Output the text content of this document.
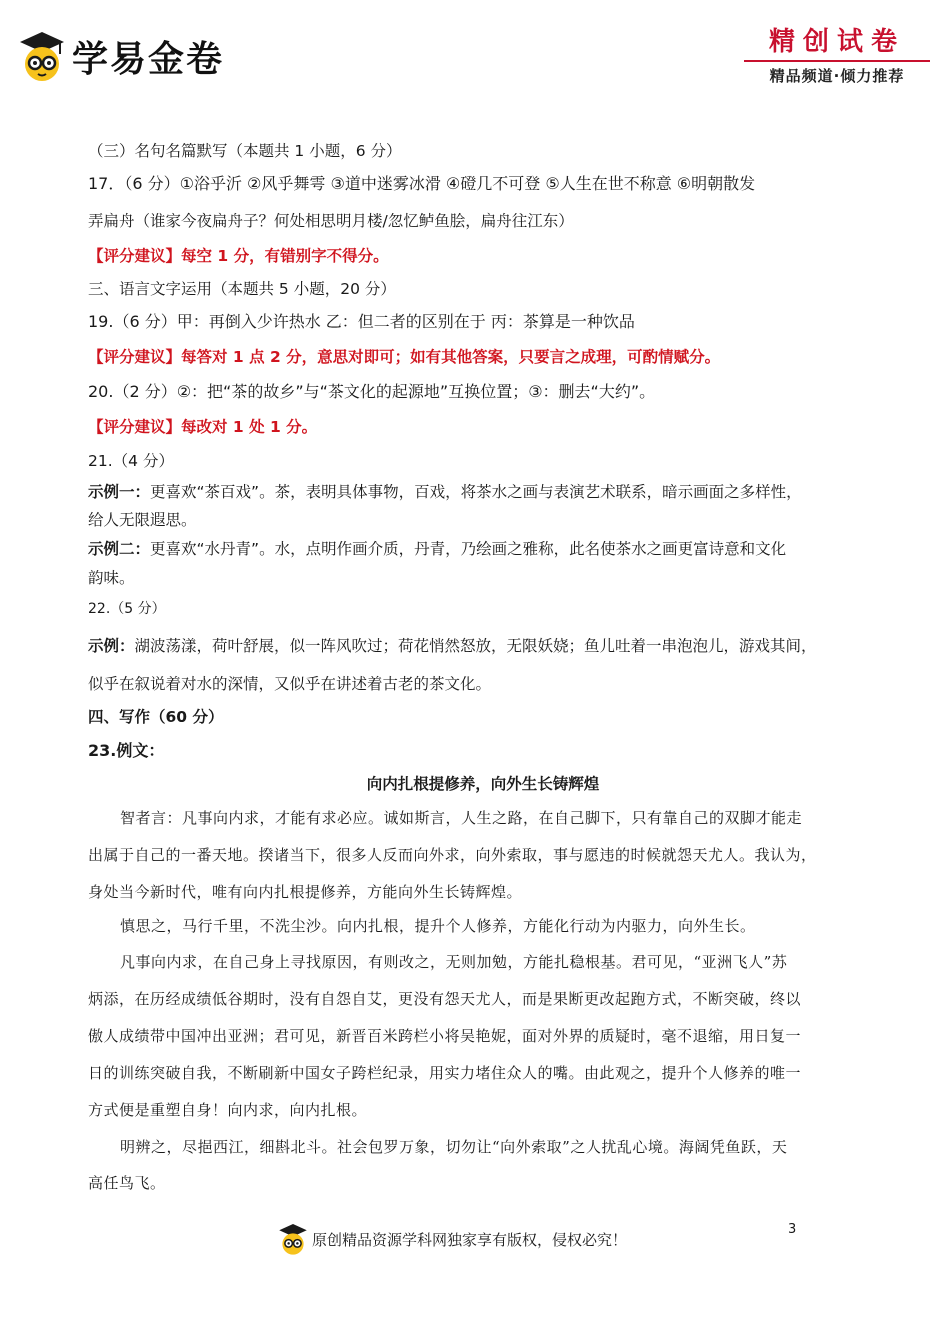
学易金卷	精创试卷
精品频道·倾力推荐
（三）名句名篇默写（本题共 1 小题，6 分）
17．（6 分）①浴乎沂 ②风乎舞雩 ③道中迷雾冰滑 ④磴几不可登 ⑤人生在世不称意 ⑥明朝散发
弄扁舟（谁家今夜扁舟子？何处相思明月楼/忽忆鲈鱼脍，扁舟往江东）
【评分建议】每空 1 分，有错别字不得分。
三、语言文字运用（本题共 5 小题，20 分）
19.（6 分）甲：再倒入少许热水 乙：但二者的区别在于 丙：茶算是一种饮品
【评分建议】每答对 1 点 2 分，意思对即可；如有其他答案，只要言之成理，可酌情赋分。
20.（2 分）②：把“茶的故乡”与“茶文化的起源地”互换位置；③：删去“大约”。
【评分建议】每改对 1 处 1 分。
21.（4 分）
示例一：更喜欢“茶百戏”。茶，表明具体事物，百戏，将茶水之画与表演艺术联系，暗示画面之多样性，
给人无限遐思。
示例二：更喜欢“水丹青”。水，点明作画介质，丹青，乃绘画之雅称，此名使茶水之画更富诗意和文化
韵味。
22.（5 分）
示例：湖波荡漾，荷叶舒展，似一阵风吹过；荷花悄然怒放，无限妖娆；鱼儿吐着一串泡泡儿，游戏其间，
似乎在叙说着对水的深情，又似乎在讲述着古老的茶文化。
四、写作（60 分）
23.例文：
向内扎根提修养，向外生长铸辉煌
智者言：凡事向内求，才能有求必应。诚如斯言，人生之路，在自己脚下，只有靠自己的双脚才能走
出属于自己的一番天地。揆诸当下，很多人反而向外求，向外索取，事与愿违的时候就怨天尤人。我认为，
身处当今新时代，唯有向内扎根提修养，方能向外生长铸辉煌。
慎思之，马行千里，不洗尘沙。向内扎根，提升个人修养，方能化行动为内驱力，向外生长。
凡事向内求，在自己身上寻找原因，有则改之，无则加勉，方能扎稳根基。君可见，“亚洲飞人”苏
炳添，在历经成绩低谷期时，没有自怨自艾，更没有怨天尤人，而是果断更改起跑方式，不断突破，终以
傲人成绩带中国冲出亚洲；君可见，新晋百米跨栏小将吴艳妮，面对外界的质疑时，毫不退缩，用日复一
日的训练突破自我，不断刷新中国女子跨栏纪录，用实力堵住众人的嘴。由此观之，提升个人修养的唯一
方式便是重塑自身！向内求，向内扎根。
明辨之，尽挹西江，细斟北斗。社会包罗万象，切勿让“向外索取”之人扰乱心境。海阔凭鱼跃，天
高任鸟飞。
原创精品资源学科网独家享有版权，侵权必究！
3
